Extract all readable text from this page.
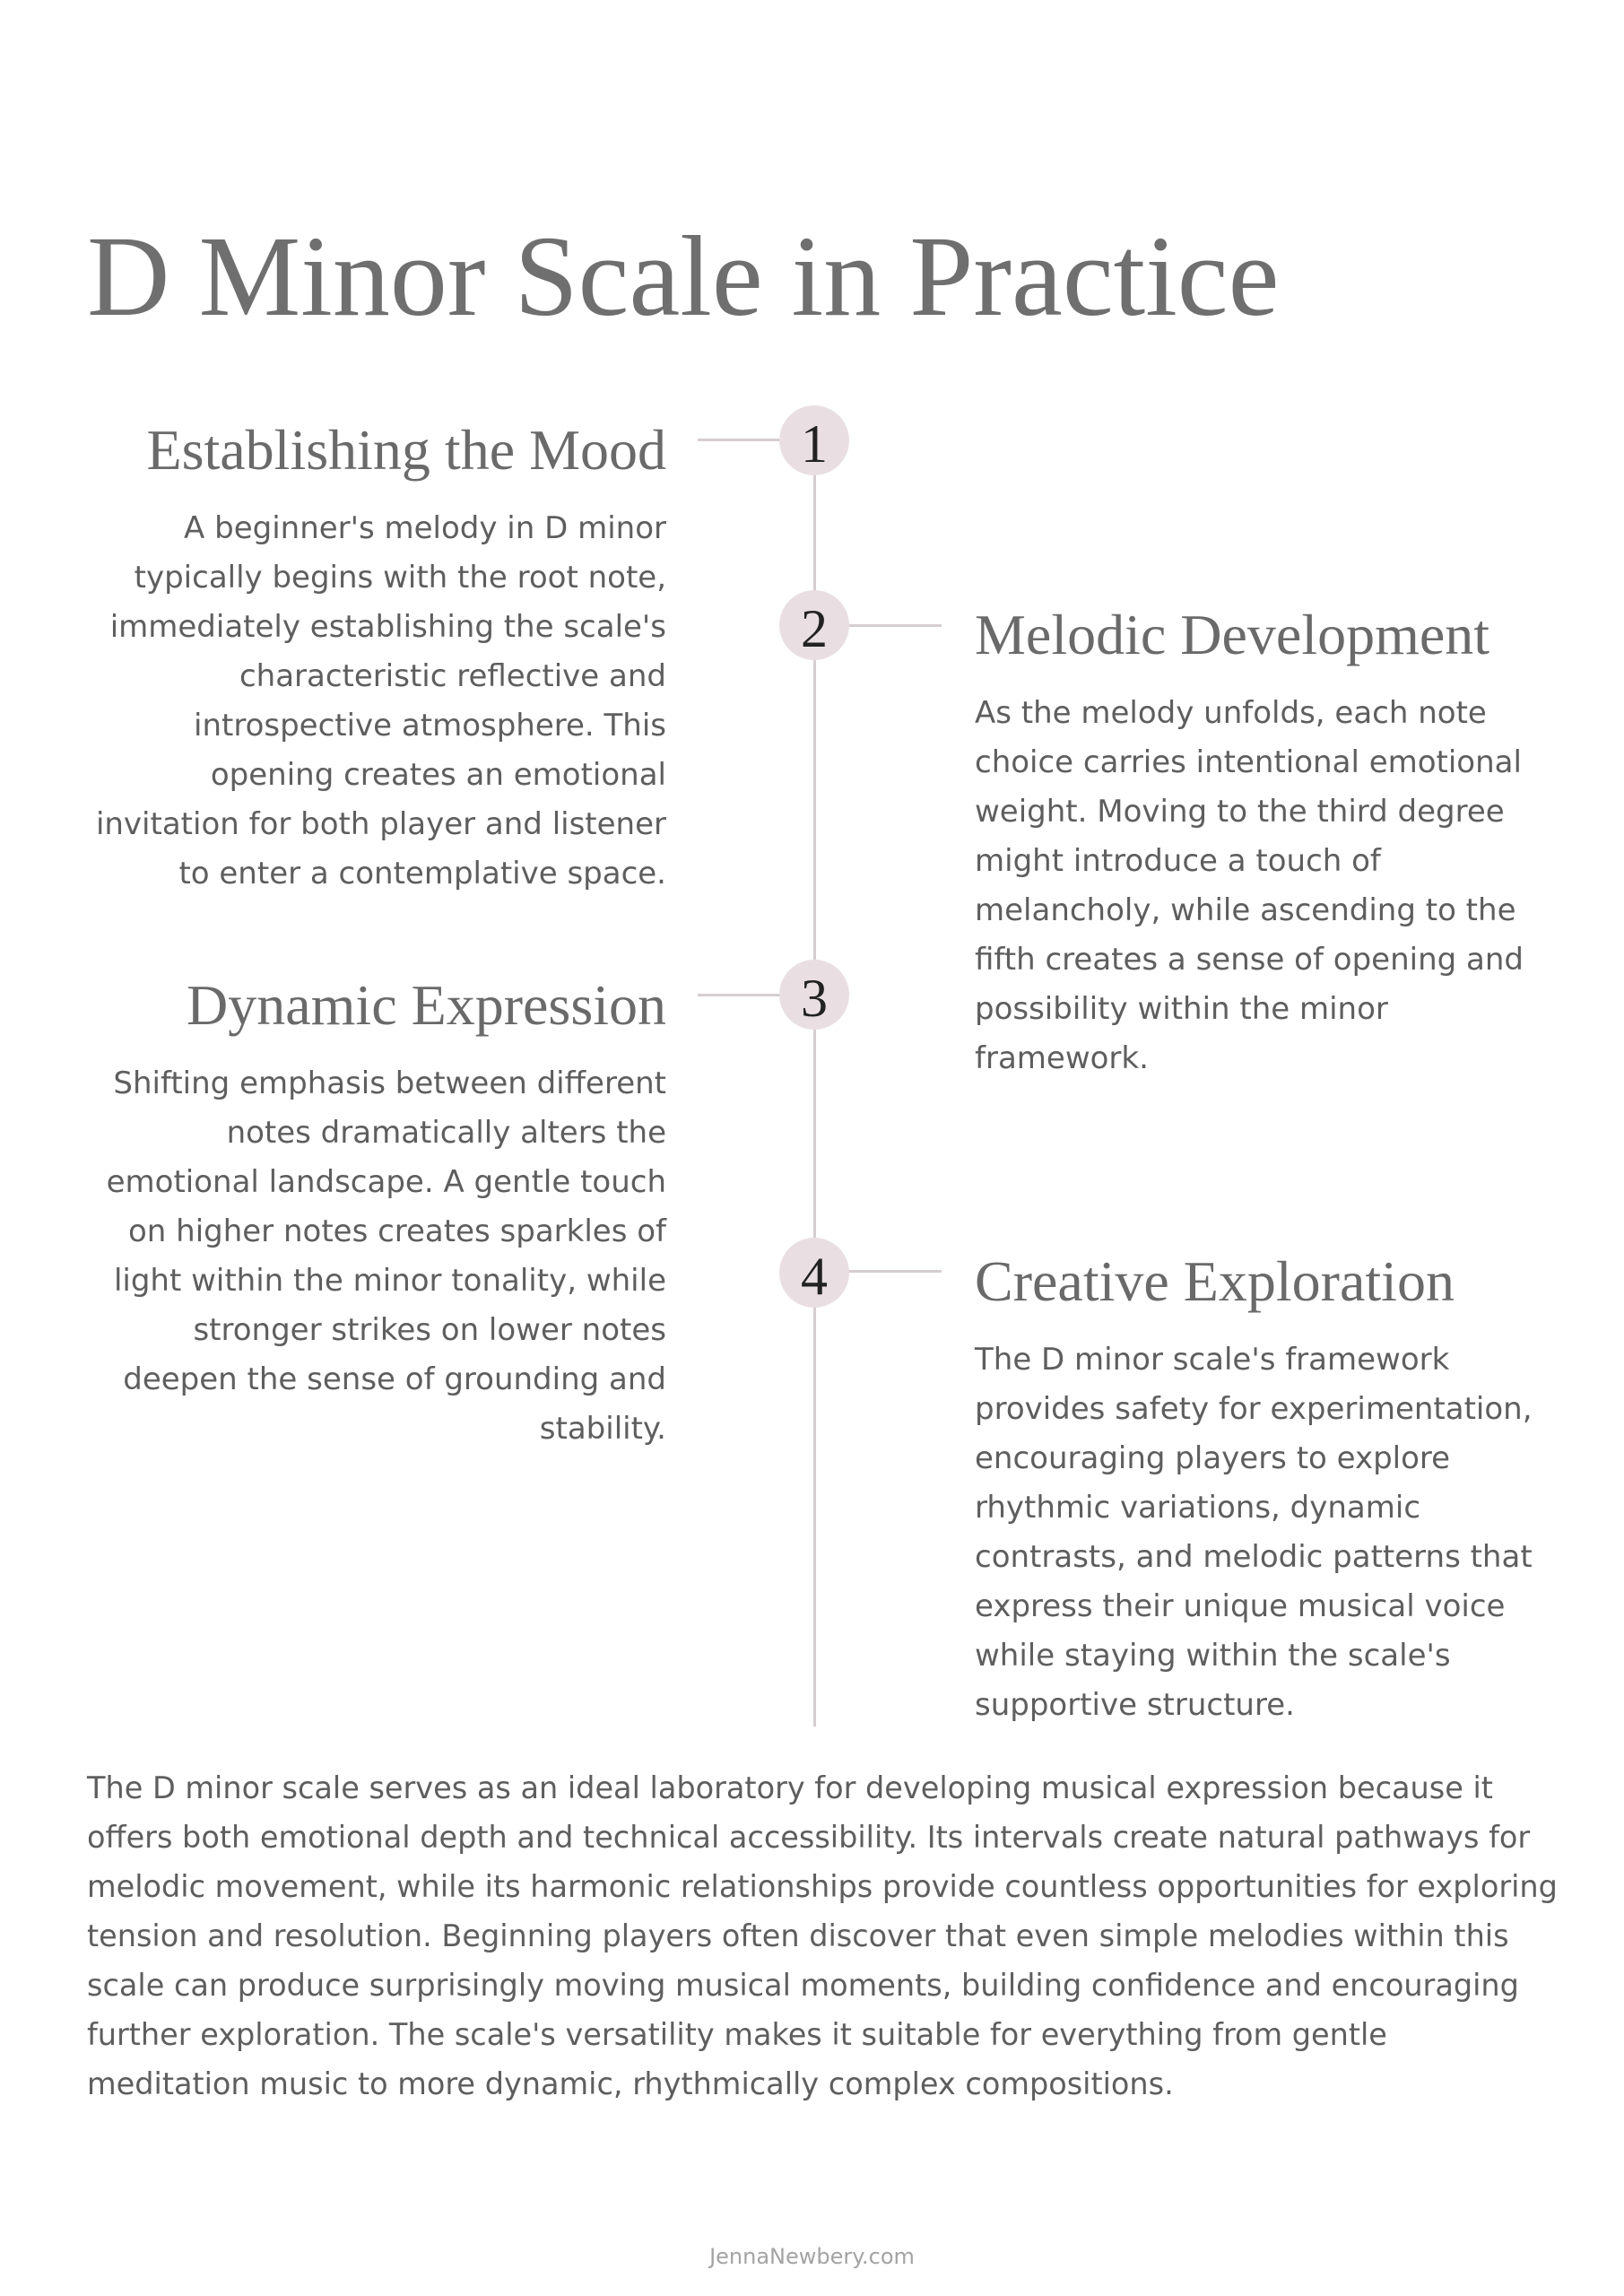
D Minor Scale in Practice
1
Establishing the Mood

A beginner's melody in D minor typically begins with the root note, immediately establishing the scale's characteristic reflective and introspective atmosphere. This opening creates an emotional invitation for both player and listener to enter a contemplative space.

2	Melodic Development

As the melody unfolds, each note choice carries intentional emotional weight. Moving to the third degree might introduce a touch of melancholy, while ascending to the fifth creates a sense of opening and possibility within the minor framework.

3
Dynamic Expression

Shifting emphasis between different notes dramatically alters the emotional landscape. A gentle touch on higher notes creates sparkles of light within the minor tonality, while stronger strikes on lower notes deepen the sense of grounding and stability.

4	Creative Exploration

The D minor scale's framework provides safety for experimentation, encouraging players to explore rhythmic variations, dynamic contrasts, and melodic patterns that express their unique musical voice while staying within the scale's supportive structure.

The D minor scale serves as an ideal laboratory for developing musical expression because it offers both emotional depth and technical accessibility. Its intervals create natural pathways for melodic movement, while its harmonic relationships provide countless opportunities for exploring tension and resolution. Beginning players often discover that even simple melodies within this scale can produce surprisingly moving musical moments, building confidence and encouraging further exploration. The scale's versatility makes it suitable for everything from gentle meditation music to more dynamic, rhythmically complex compositions.

JennaNewbery.com
